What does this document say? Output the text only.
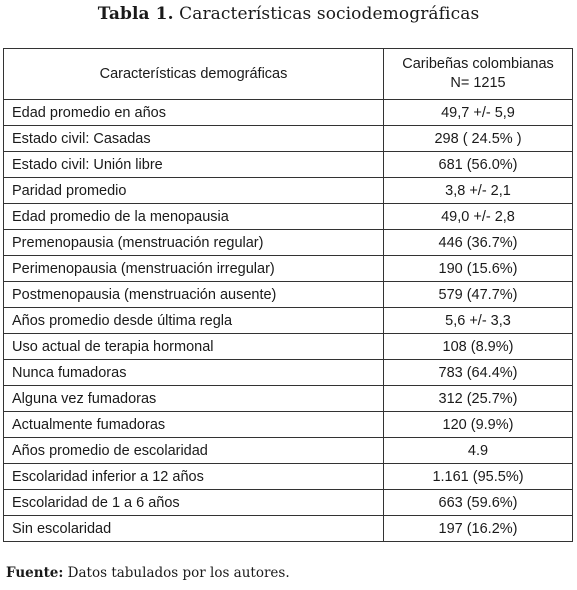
Tabla 1. Características sociodemográficas
Características demográficas	Caribeñas colombianas
N= 1215

Edad promedio en años	49,7 +/- 5,9
Estado civil: Casadas	298 ( 24.5% )
Estado civil: Unión libre	681 (56.0%)
Paridad promedio	3,8 +/- 2,1
Edad promedio de la menopausia	49,0 +/- 2,8
Premenopausia (menstruación regular)	446 (36.7%)
Perimenopausia (menstruación irregular)	190 (15.6%)
Postmenopausia (menstruación ausente)	579 (47.7%)
Años promedio desde última regla	5,6 +/- 3,3
Uso actual de terapia hormonal	108 (8.9%)
Nunca fumadoras	783 (64.4%)
Alguna vez fumadoras	312 (25.7%)
Actualmente fumadoras	120 (9.9%)
Años promedio de escolaridad	4.9
Escolaridad inferior a 12 años	1.161 (95.5%)
Escolaridad de 1 a 6 años	663 (59.6%)
Sin escolaridad	197 (16.2%)
Fuente: Datos tabulados por los autores.
